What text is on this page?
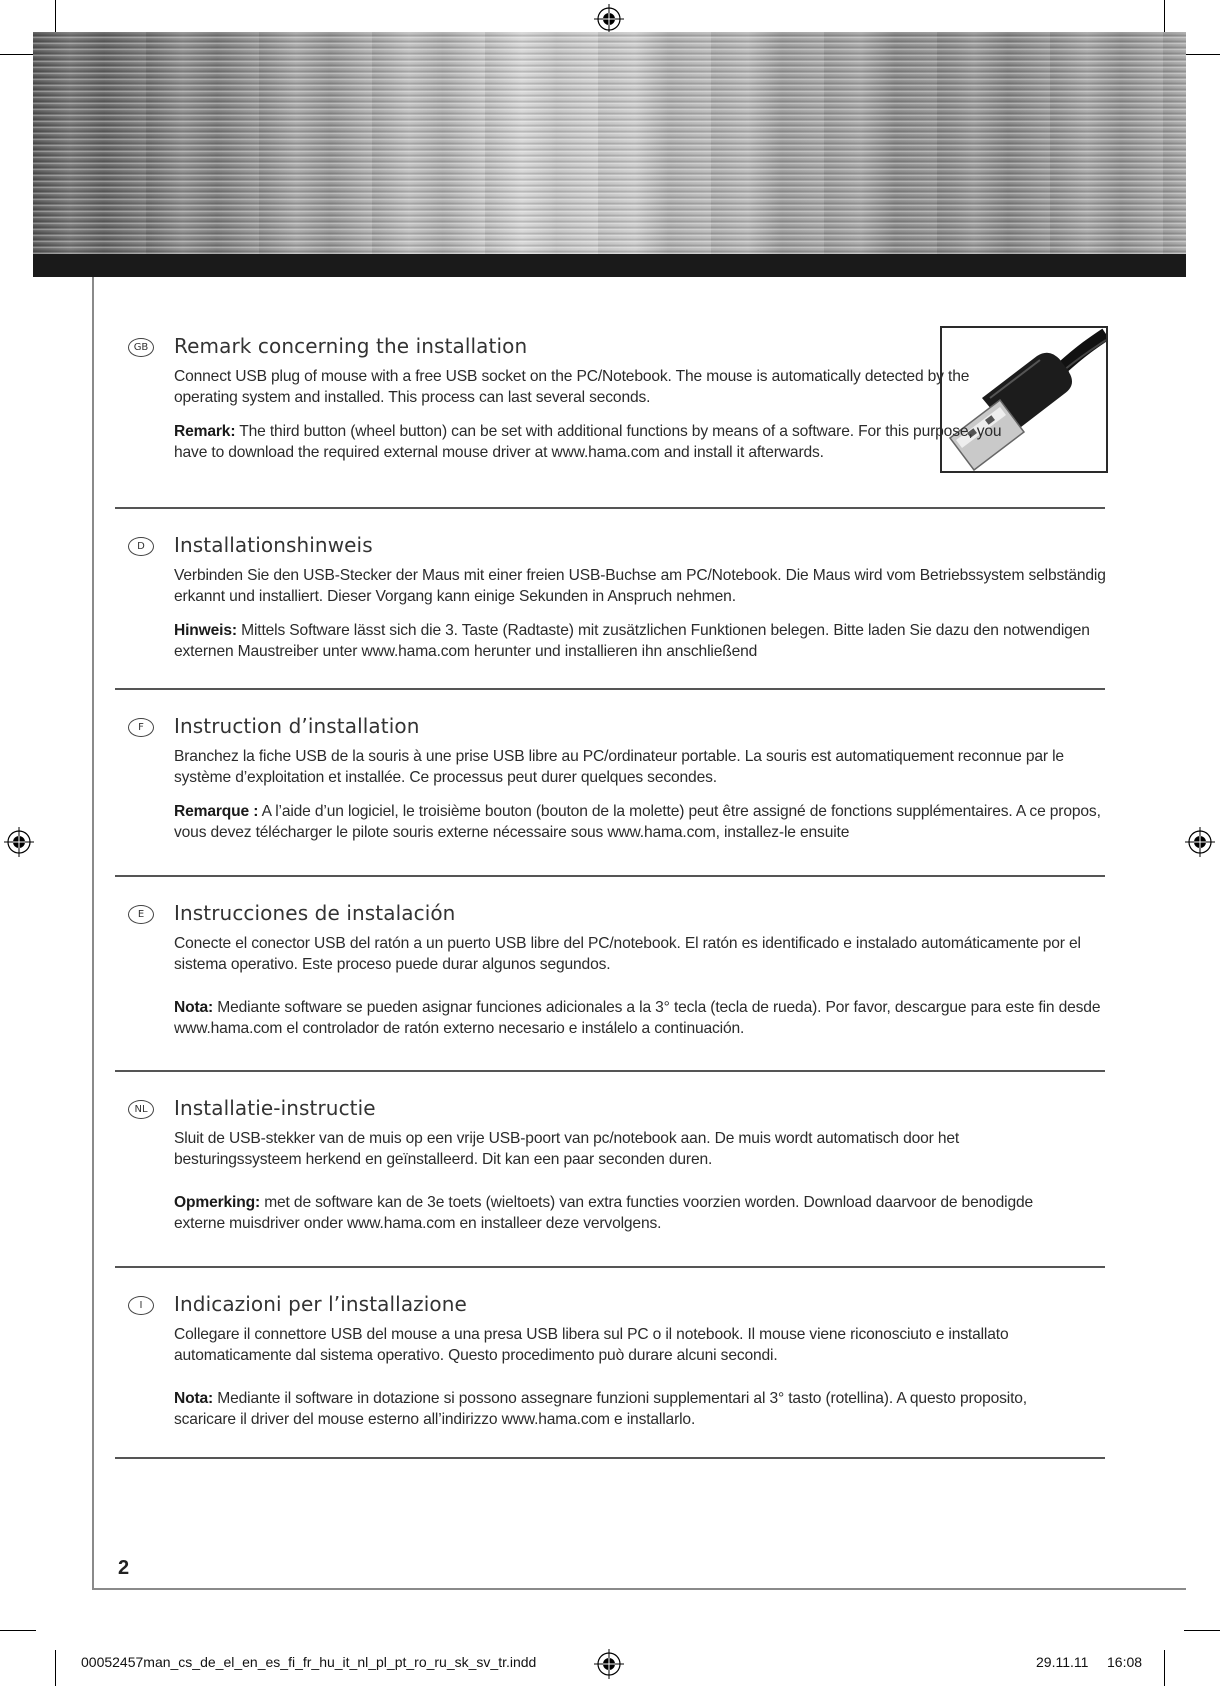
GB Remark concerning the installation

Connect USB plug of mouse with a free USB socket on the PC/Notebook. The mouse is automatically detected by the operating system and installed. This process can last several seconds.

Remark: The third button (wheel button) can be set with additional functions by means of a software. For this purpose, you have to download the required external mouse driver at www.hama.com and install it afterwards.

D	Installationshinweis

Verbinden Sie den USB-Stecker der Maus mit einer freien USB-Buchse am PC/Notebook. Die Maus wird vom Betriebssystem selbständig erkannt und installiert. Dieser Vorgang kann einige Sekunden in Anspruch nehmen.

Hinweis: Mittels Software lässt sich die 3. Taste (Radtaste) mit zusätzlichen Funktionen belegen. Bitte laden Sie dazu den notwendigen externen Maustreiber unter www.hama.com herunter und installieren ihn anschließend

F	Instruction d’installation

Branchez la fiche USB de la souris à une prise USB libre au PC/ordinateur portable. La souris est automatiquement reconnue par le système d’exploitation et installée. Ce processus peut durer quelques secondes.

Remarque : A l’aide d’un logiciel, le troisième bouton (bouton de la molette) peut être assigné de fonctions supplémentaires. A ce propos, vous devez télécharger le pilote souris externe nécessaire sous www.hama.com, installez-le ensuite

E	Instrucciones de instalación

Conecte el conector USB del ratón a un puerto USB libre del PC/notebook. El ratón es identificado e instalado automáticamente por el sistema operativo. Este proceso puede durar algunos segundos.

Nota: Mediante software se pueden asignar funciones adicionales a la 3° tecla (tecla de rueda). Por favor, descargue para este fin desde www.hama.com el controlador de ratón externo necesario e instálelo a continuación.

NL	Installatie-instructie

Sluit de USB-stekker van de muis op een vrije USB-poort van pc/notebook aan. De muis wordt automatisch door het besturingssysteem herkend en geïnstalleerd. Dit kan een paar seconden duren.

Opmerking: met de software kan de 3e toets (wieltoets) van extra functies voorzien worden. Download daarvoor de benodigde externe muisdriver onder www.hama.com en installeer deze vervolgens.

I	Indicazioni per l’installazione

Collegare il connettore USB del mouse a una presa USB libera sul PC o il notebook. Il mouse viene riconosciuto e installato automaticamente dal sistema operativo. Questo procedimento può durare alcuni secondi.

Nota: Mediante il software in dotazione si possono assegnare funzioni supplementari al 3° tasto (rotellina). A questo proposito, scaricare il driver del mouse esterno all’indirizzo www.hama.com e installarlo.

2
00052457man_cs_de_el_en_es_fi_fr_hu_it_nl_pl_pt_ro_ru_sk_sv_tr.indd	29.11.11 16:08
